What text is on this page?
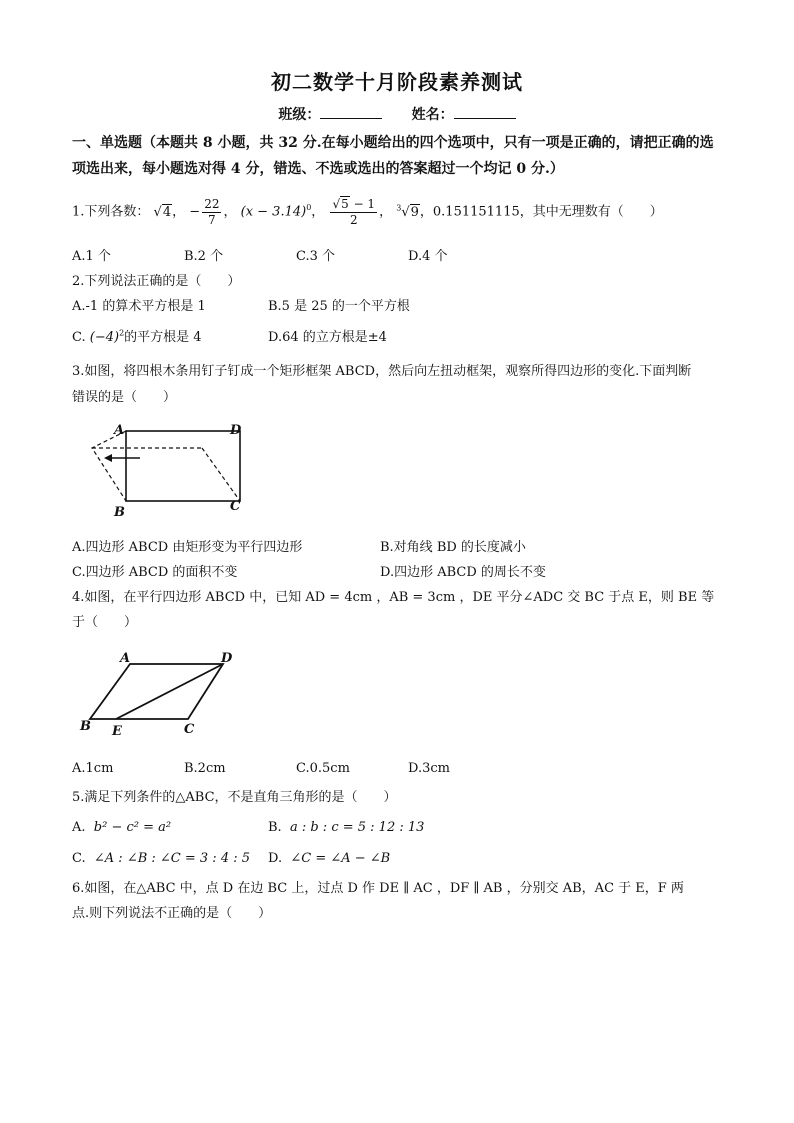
初二数学十月阶段素养测试
班级：	姓名：
一、单选题（本题共 8 小题，共 32 分.在每小题给出的四个选项中，只有一项是正确的，请把正确的选项选出来，每小题选对得 4 分，错选、不选或选出的答案超过一个均记 0 分.）
1.下列各数： √4， − $\frac{22}{7}$ ， $(x - 3.14)^0$， $\frac{√5 - 1}{2}$ ， $^3$√9，0.151151115，其中无理数有（　　）
A.1 个	B.2 个	C.3 个	D.4 个
2.下列说法正确的是（　　）
A.-1 的算术平方根是 1	B.5 是 25 的一个平方根
C. $(-4)^2$的平方根是 4	D.64 的立方根是±4
3.如图，将四根木条用钉子钉成一个矩形框架 ABCD，然后向左扭动框架，观察所得四边形的变化.下面判断
错误的是（　　）
A	D
B	C
A.四边形 ABCD 由矩形变为平行四边形	B.对角线 BD 的长度减小
C.四边形 ABCD 的面积不变	D.四边形 ABCD 的周长不变
4.如图，在平行四边形 ABCD 中，已知 AD = 4cm ，AB = 3cm ，DE 平分∠ADC 交 BC 于点 E，则 BE 等
于（　　）
A	D
B E	C
A.1cm	B.2cm	C.0.5cm	D.3cm
5.满足下列条件的△ABC，不是直角三角形的是（　　）
A. b² − c² = a²	B. a : b : c = 5 : 12 : 13
C. ∠A : ∠B : ∠C = 3 : 4 : 5 D. ∠C = ∠A − ∠B
6.如图，在△ABC 中，点 D 在边 BC 上，过点 D 作 DE ∥ AC ，DF ∥ AB ，分别交 AB，AC 于 E，F 两
点.则下列说法不正确的是（　　）
